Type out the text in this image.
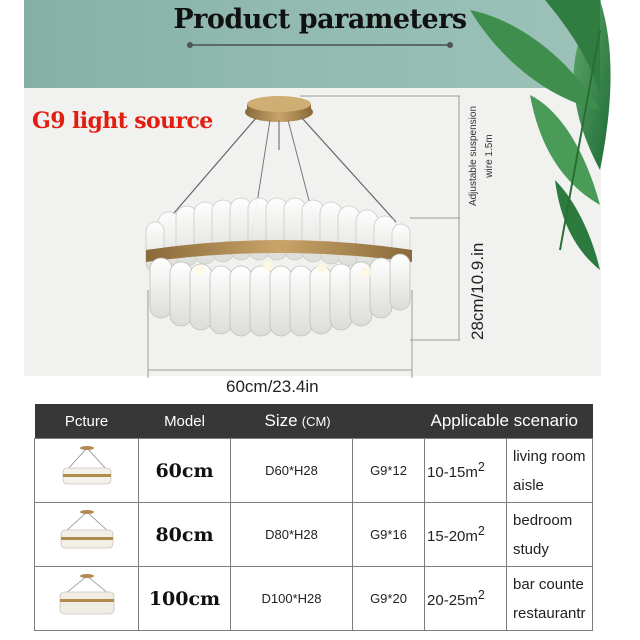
Product parameters
G9 light source
28cm/10.9.in
60cm/23.4in
Adjustable suspension wire 1.5m
Pcture	Model	Size (CM)		Applicable scenario	

	60cm	D60*H28	G9*12	$10-15m^2$	living room
aisle

	80cm	D80*H28	G9*16	$15-20m^2$	bedroom
study

	100cm	D100*H28	G9*20	$20-25m^2$	bar counte
restaurantr
